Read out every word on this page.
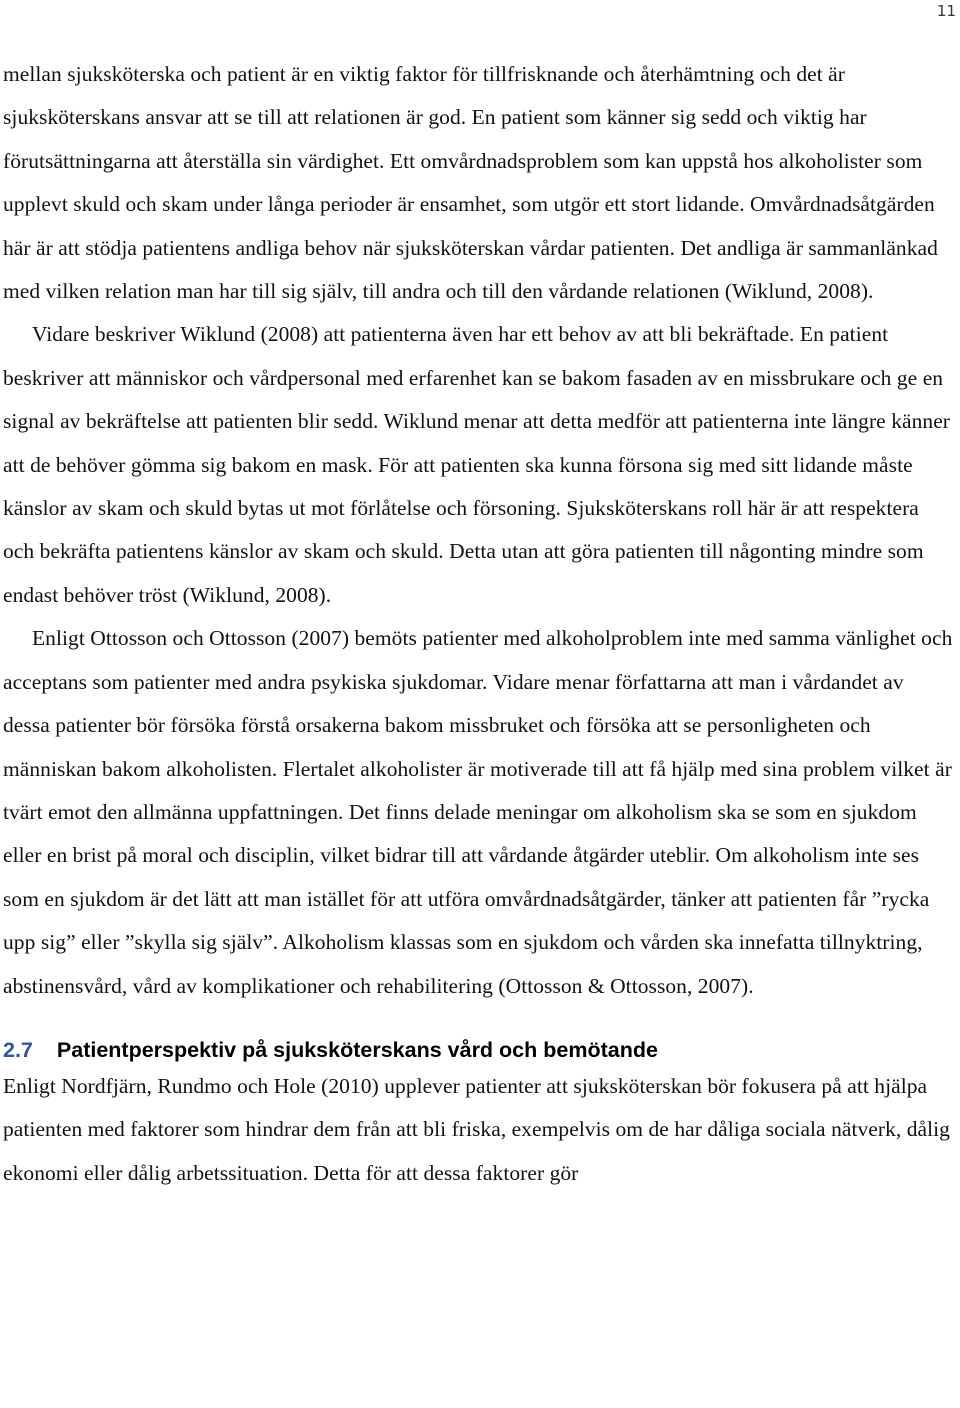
11

mellan sjuksköterska och patient är en viktig faktor för tillfrisknande och återhämtning och det är sjuksköterskans ansvar att se till att relationen är god. En patient som känner sig sedd och viktig har förutsättningarna att återställa sin värdighet. Ett omvårdnadsproblem som kan uppstå hos alkoholister som upplevt skuld och skam under långa perioder är ensamhet, som utgör ett stort lidande. Omvårdnadsåtgärden här är att stödja patientens andliga behov när sjuksköterskan vårdar patienten. Det andliga är sammanlänkad med vilken relation man har till sig själv, till andra och till den vårdande relationen (Wiklund, 2008).

Vidare beskriver Wiklund (2008) att patienterna även har ett behov av att bli bekräftade. En patient beskriver att människor och vårdpersonal med erfarenhet kan se bakom fasaden av en missbrukare och ge en signal av bekräftelse att patienten blir sedd. Wiklund menar att detta medför att patienterna inte längre känner att de behöver gömma sig bakom en mask. För att patienten ska kunna försona sig med sitt lidande måste känslor av skam och skuld bytas ut mot förlåtelse och försoning. Sjuksköterskans roll här är att respektera och bekräfta patientens känslor av skam och skuld. Detta utan att göra patienten till någonting mindre som endast behöver tröst (Wiklund, 2008).

Enligt Ottosson och Ottosson (2007) bemöts patienter med alkoholproblem inte med samma vänlighet och acceptans som patienter med andra psykiska sjukdomar. Vidare menar författarna att man i vårdandet av dessa patienter bör försöka förstå orsakerna bakom missbruket och försöka att se personligheten och människan bakom alkoholisten. Flertalet alkoholister är motiverade till att få hjälp med sina problem vilket är tvärt emot den allmänna uppfattningen. Det finns delade meningar om alkoholism ska se som en sjukdom eller en brist på moral och disciplin, vilket bidrar till att vårdande åtgärder uteblir. Om alkoholism inte ses som en sjukdom är det lätt att man istället för att utföra omvårdnadsåtgärder, tänker att patienten får ”rycka upp sig” eller ”skylla sig själv”. Alkoholism klassas som en sjukdom och vården ska innefatta tillnyktring, abstinensvård, vård av komplikationer och rehabilitering (Ottosson & Ottosson, 2007).

2.7 Patientperspektiv på sjuksköterskans vård och bemötande

Enligt Nordfjärn, Rundmo och Hole (2010) upplever patienter att sjuksköterskan bör fokusera på att hjälpa patienten med faktorer som hindrar dem från att bli friska, exempelvis om de har dåliga sociala nätverk, dålig ekonomi eller dålig arbetssituation. Detta för att dessa faktorer gör
